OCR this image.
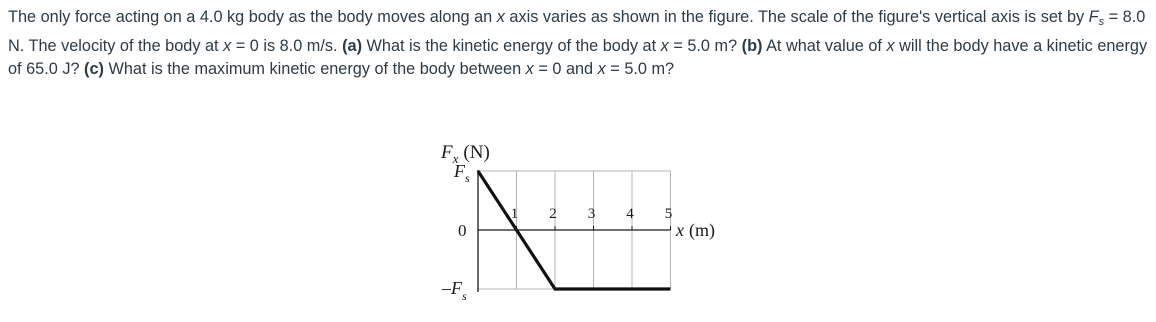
The only force acting on a 4.0 kg body as the body moves along an x axis varies as shown in the figure. The scale of the figure's vertical axis is set by $F_s = 8.0$ N. The velocity of the body at x = 0 is 8.0 m/s. (a) What is the kinetic energy of the body at x = 5.0 m? (b) At what value of x will the body have a kinetic energy of 65.0 J? (c) What is the maximum kinetic energy of the body between x = 0 and x = 5.0 m?

$F_x$ (N)
$F_s$
0
$-F_s$
x (m)
1 2 3 4 5
